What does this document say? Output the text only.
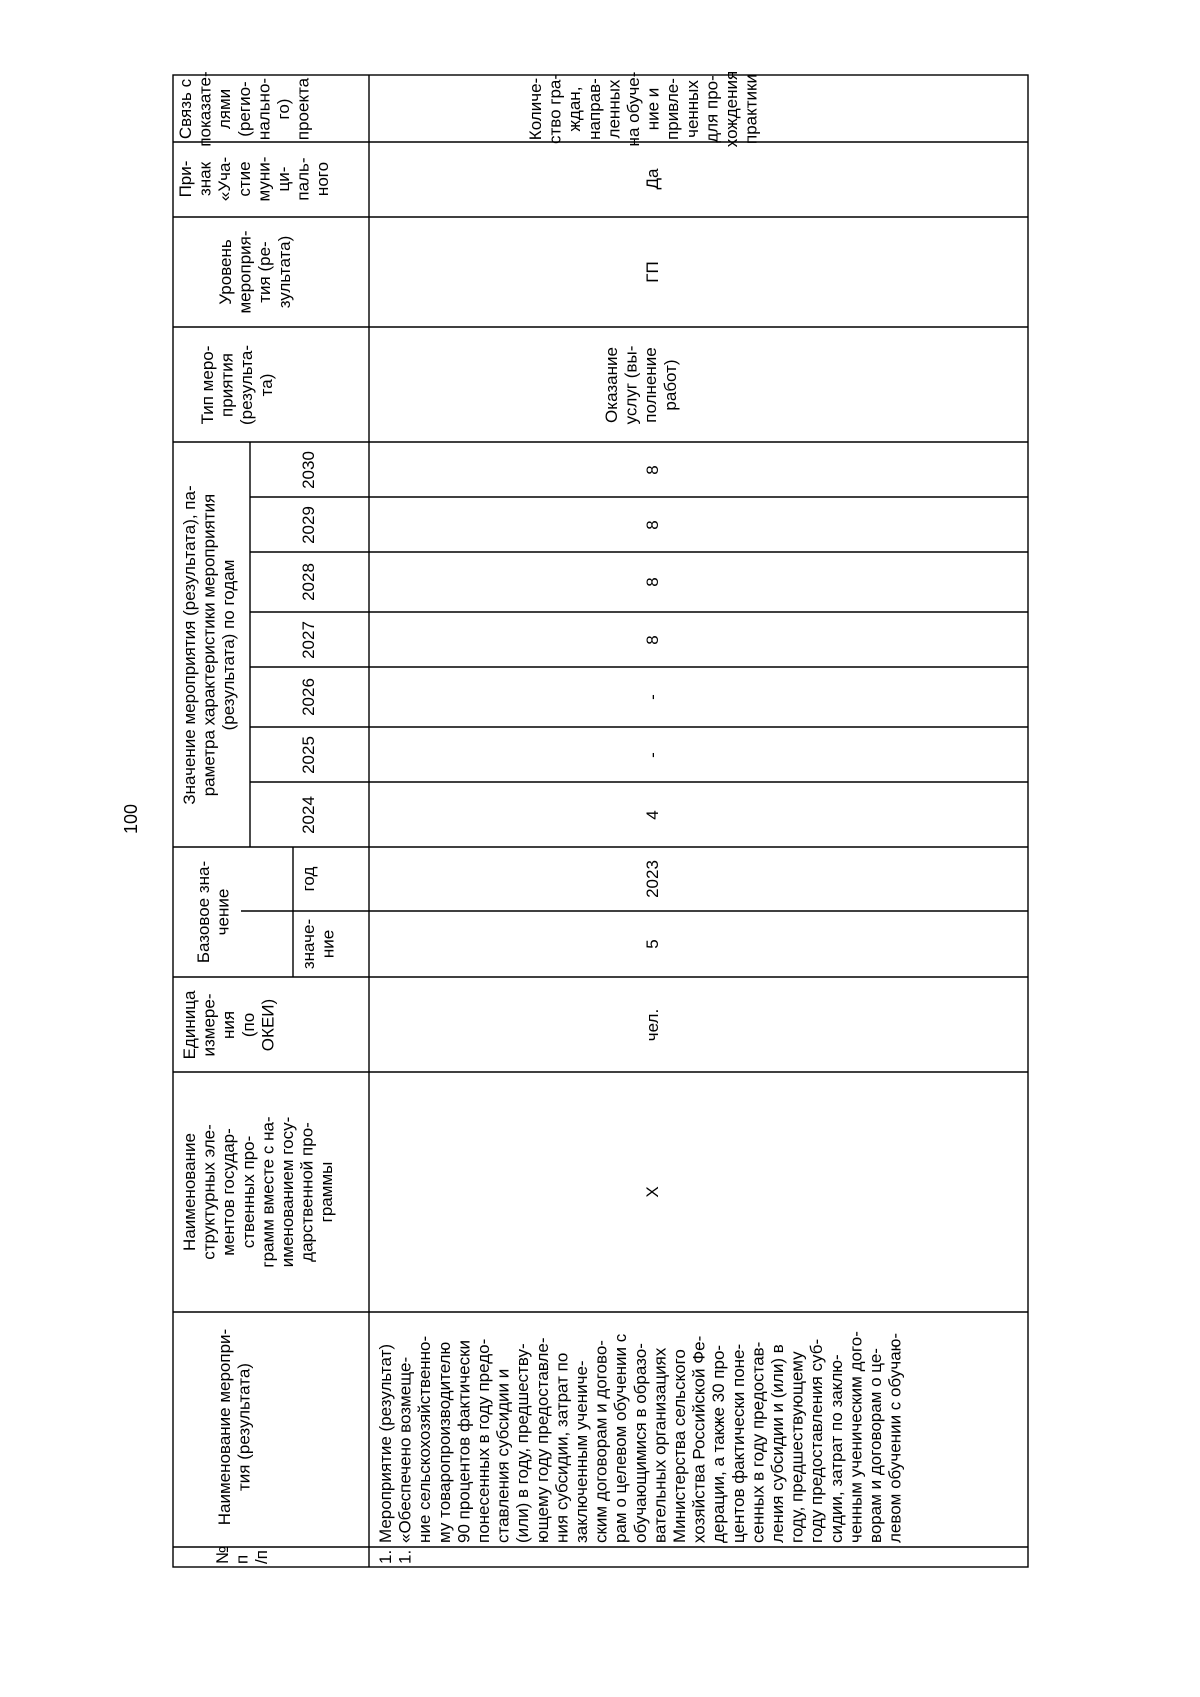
100
№ п /п
Наименование меропри- тия (результата)
Наименование структурных эле- ментов государ- ственных про- грамм вместе с на- именованием госу- дарственной про- граммы
Единица измере- ния (по ОКЕИ)
Базовое зна- чение
значе- ние
год
Значение мероприятия (результата), па- раметра характеристики мероприятия (результата) по годам
2024
2025
2026
2027
2028
2029
2030
Тип меро- приятия (результа- та)
Уровень мероприя- тия (ре- зультата)
При- знак «Уча- стие муни- ци- паль- ного
Связь с показате- лями (регио- нально- го) проекта
1. 1.
Мероприятие (результат) «Обеспечено возмеще- ние сельскохозяйственно- му товаропроизводителю 90 процентов фактически понесенных в году предо- ставления субсидии и (или) в году, предшеству- ющему году предоставле- ния субсидии, затрат по заключенным учениче- ским договорам и догово- рам о целевом обучении с обучающимися в образо- вательных организациях Министерства сельского хозяйства Российской Фе- дерации, а также 30 про- центов фактически поне- сенных в году предостав- ления субсидии и (или) в году, предшествующему году предоставления суб- сидии, затрат по заклю- ченным ученическим дого- ворам и договорам о це- левом обучении с обучаю-
Х
чел.
5
2023
4
-
-
8
8
8
8
Оказание услуг (вы- полнение работ)
ГП
Да
Количе- ство гра- ждан, направ- ленных на обуче- ние и привле- ченных для про- хождения практики
